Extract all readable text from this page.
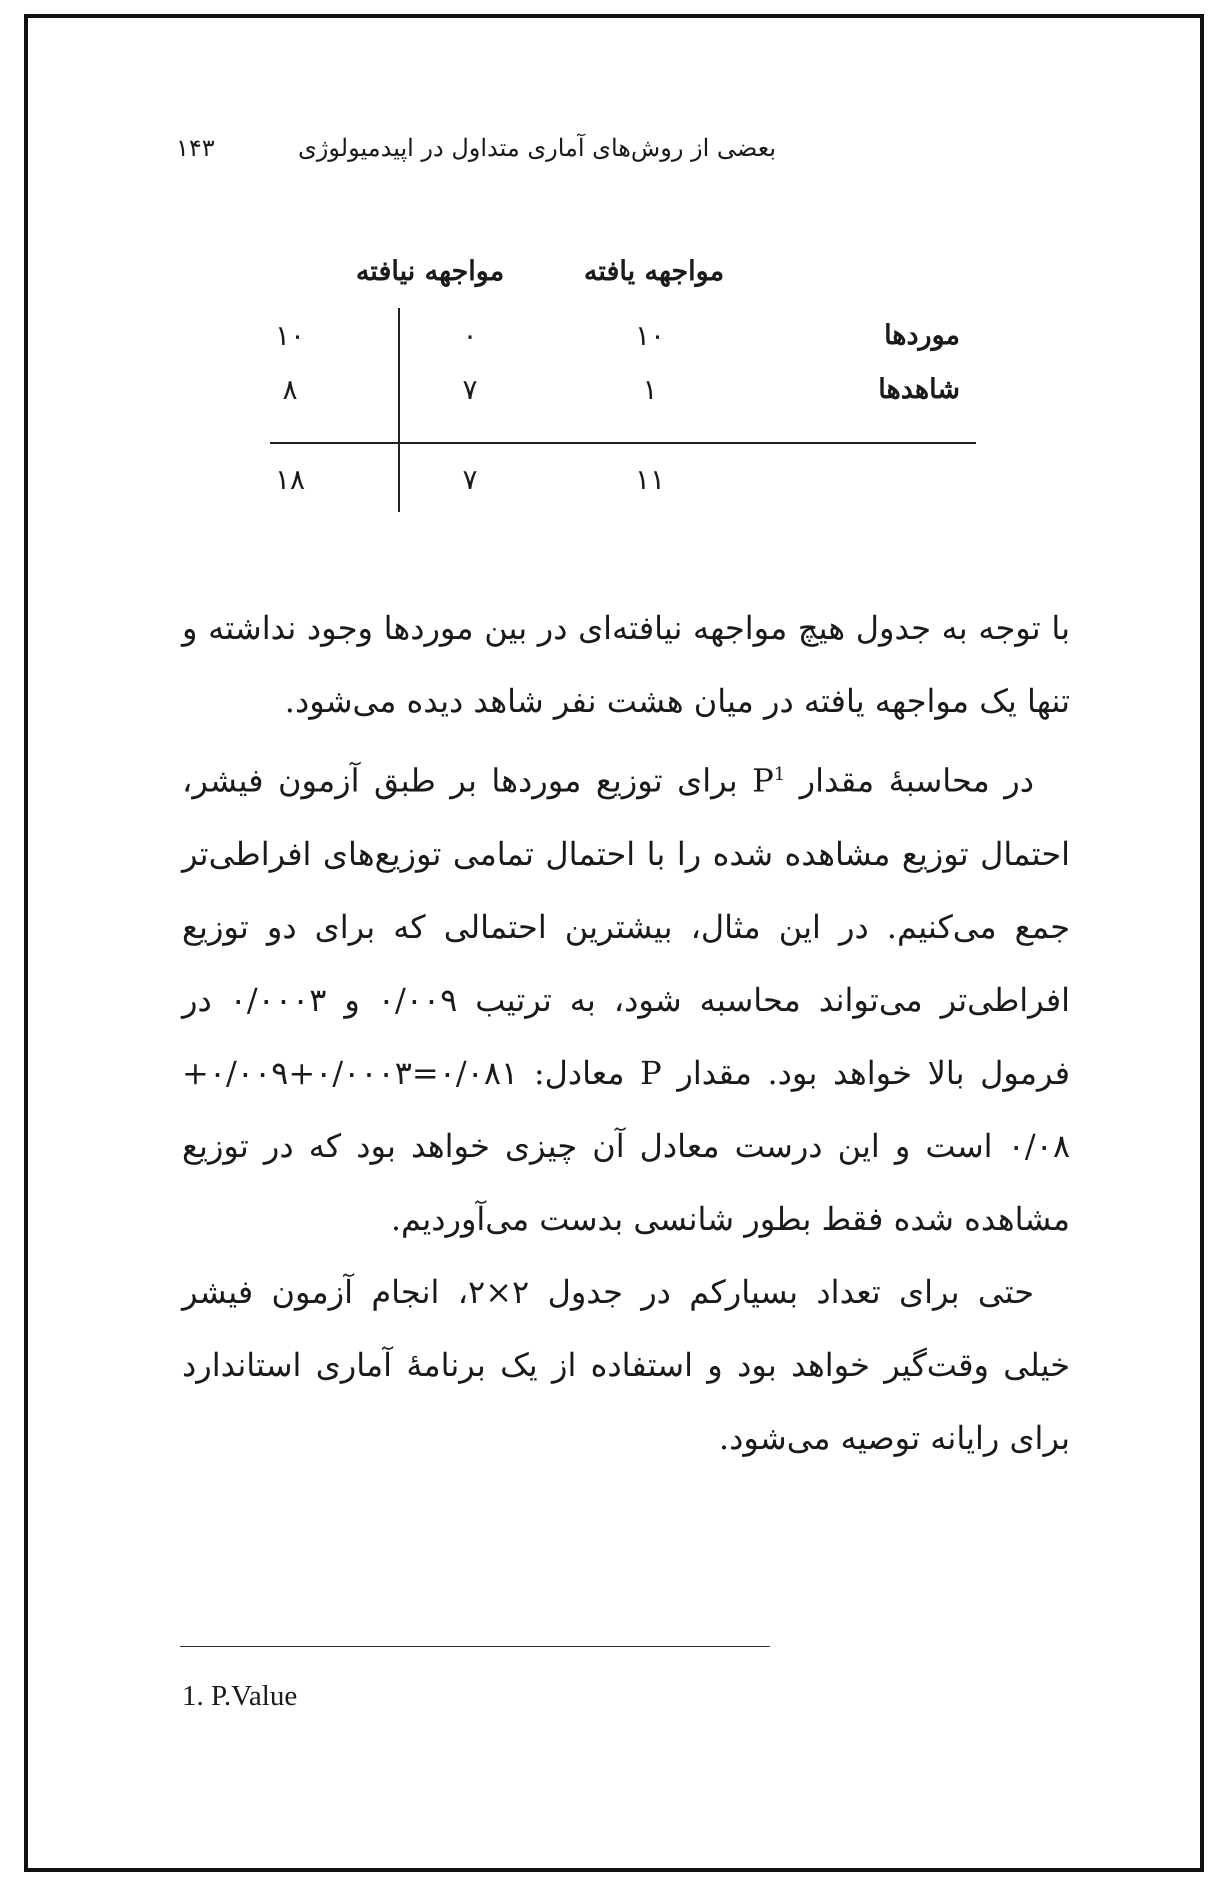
بعضی از روش‌های آماری متداول در اپیدمیولوژی
۱۴۳
مواجهه یافته
مواجهه نیافته
موردها
۱۰
۰
۱۰
شاهدها
۱
۷
۸
۱۱
۷
۱۸

با توجه به جدول هیچ مواجهه نیافته‌ای در بین موردها وجود نداشته و تنها یک مواجهه یافته در میان هشت نفر شاهد دیده می‌شود.

در محاسبهٔ مقدار $P^1$ برای توزیع موردها بر طبق آزمون فیشر، احتمال توزیع مشاهده شده را با احتمال تمامی توزیع‌های افراطی‌تر جمع می‌کنیم. در این مثال، بیشترین احتمالی که برای دو توزیع افراطی‌تر می‌تواند محاسبه شود، به ترتیب ۰/۰۰۹ و ۰/۰۰۰۳ در فرمول بالا خواهد بود. مقدار P معادل: ۰/۰۸۱=۰/۰۰۰۳+۰/۰۰۹+ ۰/۰۸ است و این درست معادل آن چیزی خواهد بود که در توزیع مشاهده شده فقط بطور شانسی بدست می‌آوردیم.

حتی برای تعداد بسیارکم در جدول ۲×۲، انجام آزمون فیشر خیلی وقت‌گیر خواهد بود و استفاده از یک برنامهٔ آماری استاندارد برای رایانه توصیه می‌شود.

1. P.Value
